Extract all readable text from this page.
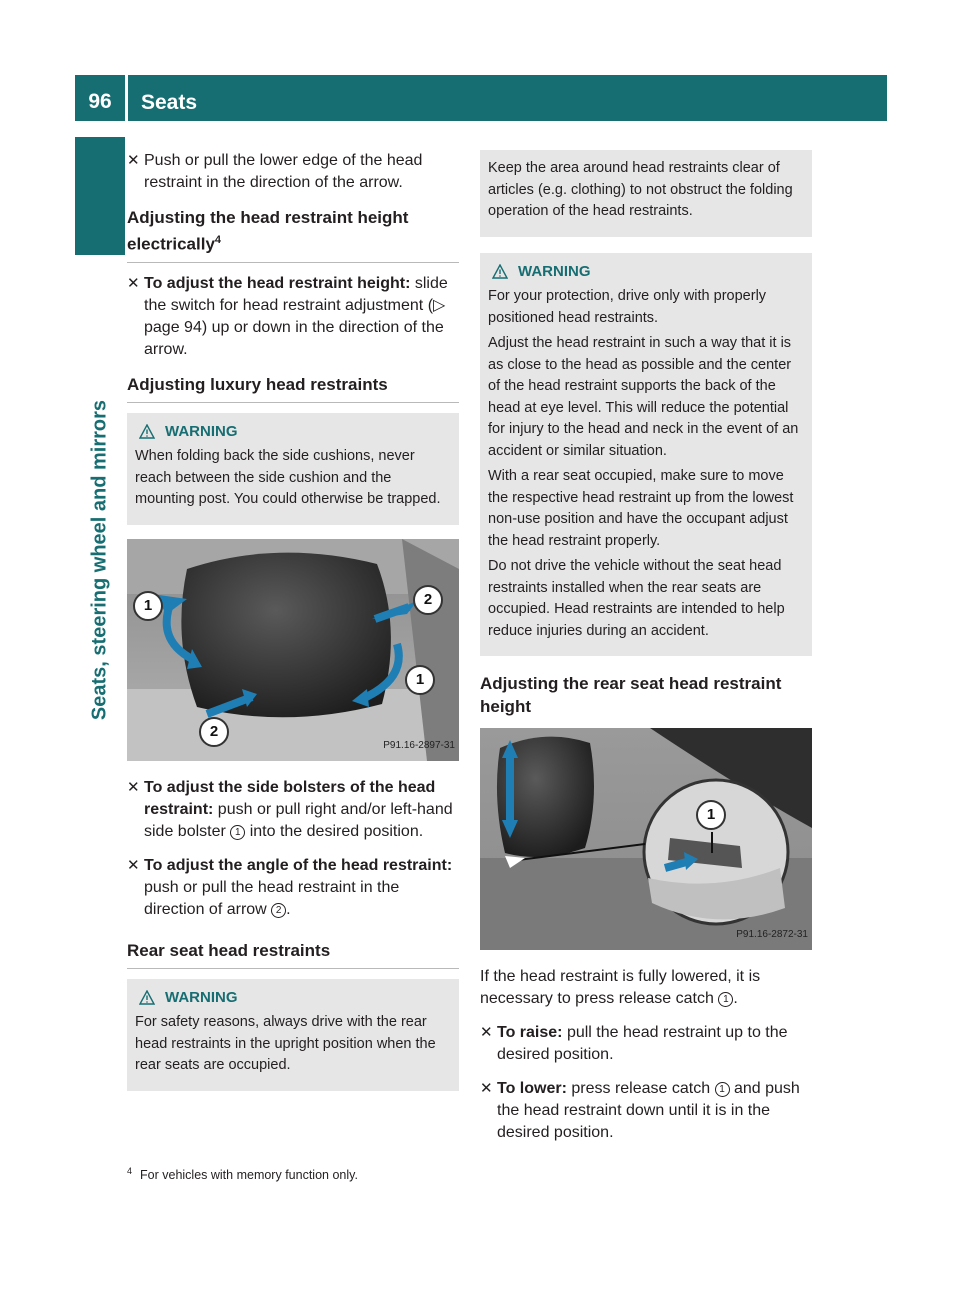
96	Seats
Seats, steering wheel and mirrors
✕ Push or pull the lower edge of the head restraint in the direction of the arrow.
Adjusting the head restraint height electrically$^4$
✕ To adjust the head restraint height: slide the switch for head restraint adjustment (▷ page 94) up or down in the direction of the arrow.
Adjusting luxury head restraints
WARNING

When folding back the side cushions, never reach between the side cushion and the mounting post. You could otherwise be trapped.

1	2
1
2
P91.16-2897-31
✕ To adjust the side bolsters of the head restraint: push or pull right and/or left-hand side bolster 1 into the desired position.
✕ To adjust the angle of the head restraint: push or pull the head restraint in the direction of arrow 2 .
Rear seat head restraints
WARNING

For safety reasons, always drive with the rear head restraints in the upright position when the rear seats are occupied.

Keep the area around head restraints clear of articles (e.g. clothing) to not obstruct the folding operation of the head restraints.

WARNING

For your protection, drive only with properly positioned head restraints.

Adjust the head restraint in such a way that it is as close to the head as possible and the center of the head restraint supports the back of the head at eye level. This will reduce the potential for injury to the head and neck in the event of an accident or similar situation.

With a rear seat occupied, make sure to move the respective head restraint up from the lowest non-use position and have the occupant adjust the head restraint properly.

Do not drive the vehicle without the seat head restraints installed when the rear seats are occupied. Head restraints are intended to help reduce injuries during an accident.

Adjusting the rear seat head restraint height
1
P91.16-2872-31

If the head restraint is fully lowered, it is necessary to press release catch 1 .

✕ To raise: pull the head restraint up to the desired position.
✕ To lower: press release catch 1 and push the head restraint down until it is in the desired position.
$^4$ For vehicles with memory function only.
